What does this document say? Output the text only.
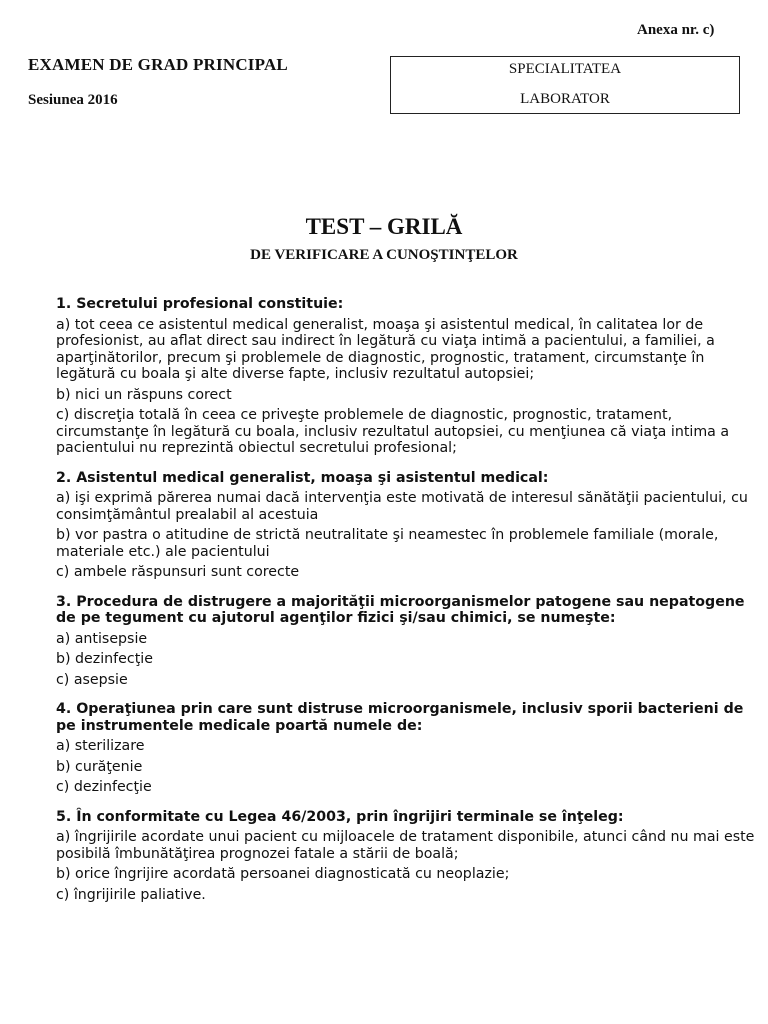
Anexa nr. c)
EXAMEN DE GRAD PRINCIPAL
Sesiunea 2016
SPECIALITATEA
LABORATOR
TEST – GRILĂ
DE VERIFICARE A CUNOŞTINŢELOR
1. Secretului profesional constituie:
a) tot ceea ce asistentul medical generalist, moaşa şi asistentul medical, în calitatea lor de profesionist, au aflat direct sau indirect în legătură cu viaţa intimă a pacientului, a familiei, a aparţinătorilor, precum şi problemele de diagnostic, prognostic, tratament, circumstanţe în legătură cu boala şi alte diverse fapte, inclusiv rezultatul autopsiei;
b) nici un răspuns corect
c) discreţia totală în ceea ce priveşte problemele de diagnostic, prognostic, tratament, circumstanţe în legătură cu boala, inclusiv rezultatul autopsiei, cu menţiunea că viaţa intima a pacientului nu reprezintă obiectul secretului profesional;
2. Asistentul medical generalist, moaşa şi asistentul medical:
a) işi exprimă părerea numai dacă intervenţia este motivată de interesul sănătăţii pacientului, cu consimţământul prealabil al acestuia
b) vor pastra o atitudine de strictă neutralitate şi neamestec în problemele familiale (morale, materiale etc.) ale pacientului
c) ambele răspunsuri sunt corecte
3. Procedura de distrugere a majorităţii microorganismelor patogene sau nepatogene de pe tegument cu ajutorul agenţilor fizici şi/sau chimici, se numeşte:
a) antisepsie
b) dezinfecţie
c) asepsie
4. Operaţiunea prin care sunt distruse microorganismele, inclusiv sporii bacterieni de pe instrumentele medicale poartă numele de:
a) sterilizare
b) curăţenie
c) dezinfecţie
5. În conformitate cu Legea 46/2003, prin îngrijiri terminale se înţeleg:
a) îngrijirile acordate unui pacient cu mijloacele de tratament disponibile, atunci când nu mai este posibilă îmbunătăţirea prognozei fatale a stării de boală;
b) orice îngrijire acordată persoanei diagnosticată cu neoplazie;
c) îngrijirile paliative.
